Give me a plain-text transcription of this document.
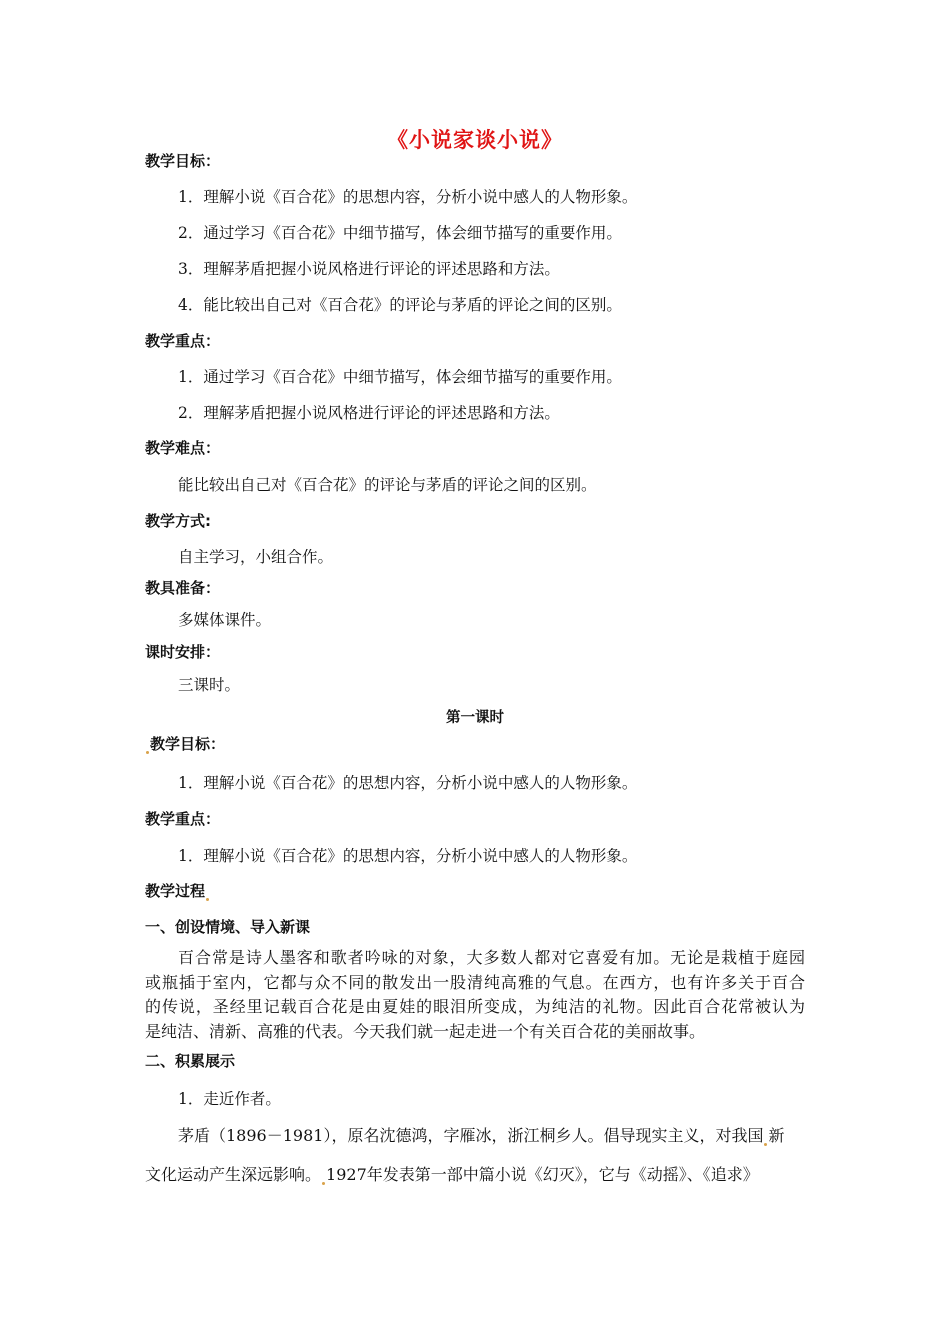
《小说家谈小说》
教学目标：
1．理解小说《百合花》的思想内容，分析小说中感人的人物形象。
2．通过学习《百合花》中细节描写，体会细节描写的重要作用。
3．理解茅盾把握小说风格进行评论的评述思路和方法。
4．能比较出自己对《百合花》的评论与茅盾的评论之间的区别。
教学重点：
1．通过学习《百合花》中细节描写，体会细节描写的重要作用。
2．理解茅盾把握小说风格进行评论的评述思路和方法。
教学难点：
能比较出自己对《百合花》的评论与茅盾的评论之间的区别。
教学方式:
自主学习，小组合作。
教具准备：
多媒体课件。
课时安排：
三课时。
第一课时
教学目标：
1．理解小说《百合花》的思想内容，分析小说中感人的人物形象。
教学重点：
1．理解小说《百合花》的思想内容，分析小说中感人的人物形象。
教学过程
一、创设情境、导入新课
百合常是诗人墨客和歌者吟咏的对象，大多数人都对它喜爱有加。无论是栽植于庭园
或瓶插于室内，它都与众不同的散发出一股清纯高雅的气息。在西方，也有许多关于百合
的传说，圣经里记载百合花是由夏娃的眼泪所变成，为纯洁的礼物。因此百合花常被认为
是纯洁、清新、高雅的代表。今天我们就一起走进一个有关百合花的美丽故事。
二、积累展示
1．走近作者。
茅盾（1896－1981），原名沈德鸿，字雁冰，浙江桐乡人。倡导现实主义，对我国 新
文化运动产生深远影响。 1927年发表第一部中篇小说《幻灭》，它与《动摇》、《追求》
